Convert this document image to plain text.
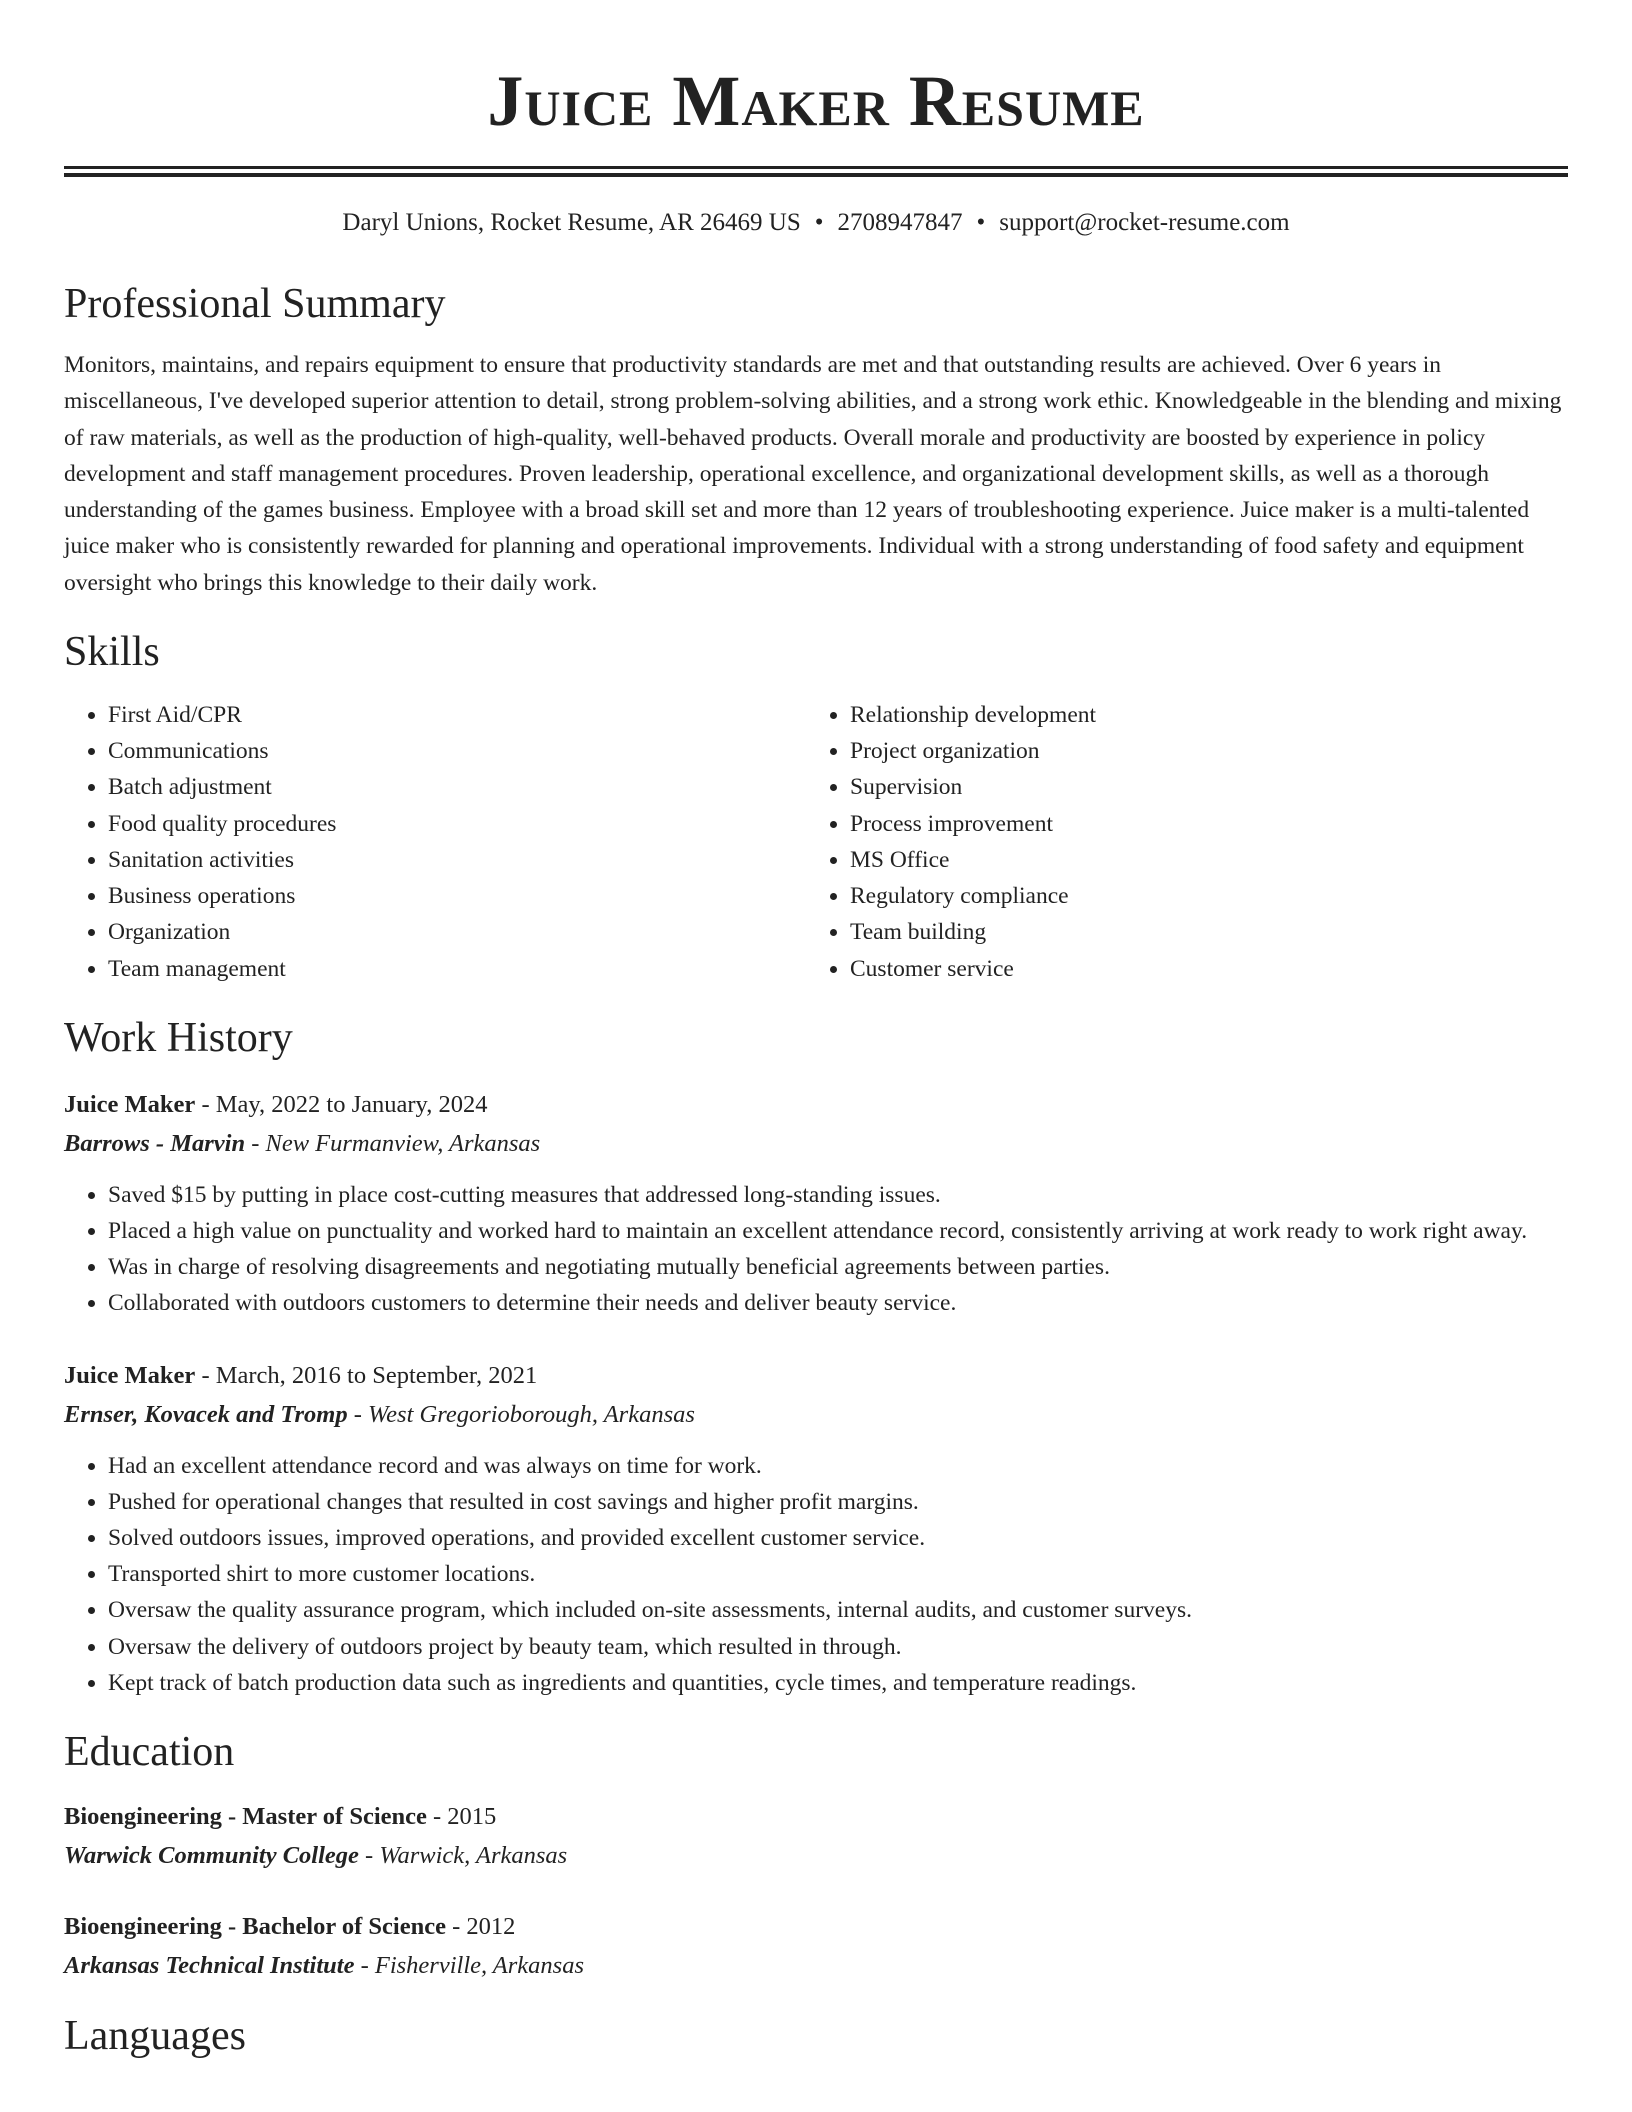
Juice Maker Resume
Daryl Unions, Rocket Resume, AR 26469 US • 2708947847 • support@rocket-resume.com
Professional Summary

Monitors, maintains, and repairs equipment to ensure that productivity standards are met and that outstanding results are achieved. Over 6 years in miscellaneous, I've developed superior attention to detail, strong problem-solving abilities, and a strong work ethic. Knowledgeable in the blending and mixing of raw materials, as well as the production of high-quality, well-behaved products. Overall morale and productivity are boosted by experience in policy development and staff management procedures. Proven leadership, operational excellence, and organizational development skills, as well as a thorough understanding of the games business. Employee with a broad skill set and more than 12 years of troubleshooting experience. Juice maker is a multi-talented juice maker who is consistently rewarded for planning and operational improvements. Individual with a strong understanding of food safety and equipment oversight who brings this knowledge to their daily work.

Skills
• First Aid/CPR
• Communications
• Batch adjustment
• Food quality procedures
• Sanitation activities
• Business operations
• Organization
• Team management
• Relationship development
• Project organization
• Supervision
• Process improvement
• MS Office
• Regulatory compliance
• Team building
• Customer service
Work History
Juice Maker - May, 2022 to January, 2024
Barrows - Marvin - New Furmanview, Arkansas
• Saved $15 by putting in place cost-cutting measures that addressed long-standing issues.
• Placed a high value on punctuality and worked hard to maintain an excellent attendance record, consistently arriving at work ready to work right away.
• Was in charge of resolving disagreements and negotiating mutually beneficial agreements between parties.
• Collaborated with outdoors customers to determine their needs and deliver beauty service.
Juice Maker - March, 2016 to September, 2021
Ernser, Kovacek and Tromp - West Gregorioborough, Arkansas
• Had an excellent attendance record and was always on time for work.
• Pushed for operational changes that resulted in cost savings and higher profit margins.
• Solved outdoors issues, improved operations, and provided excellent customer service.
• Transported shirt to more customer locations.
• Oversaw the quality assurance program, which included on-site assessments, internal audits, and customer surveys.
• Oversaw the delivery of outdoors project by beauty team, which resulted in through.
• Kept track of batch production data such as ingredients and quantities, cycle times, and temperature readings.
Education
Bioengineering - Master of Science - 2015
Warwick Community College - Warwick, Arkansas
Bioengineering - Bachelor of Science - 2012
Arkansas Technical Institute - Fisherville, Arkansas
Languages
